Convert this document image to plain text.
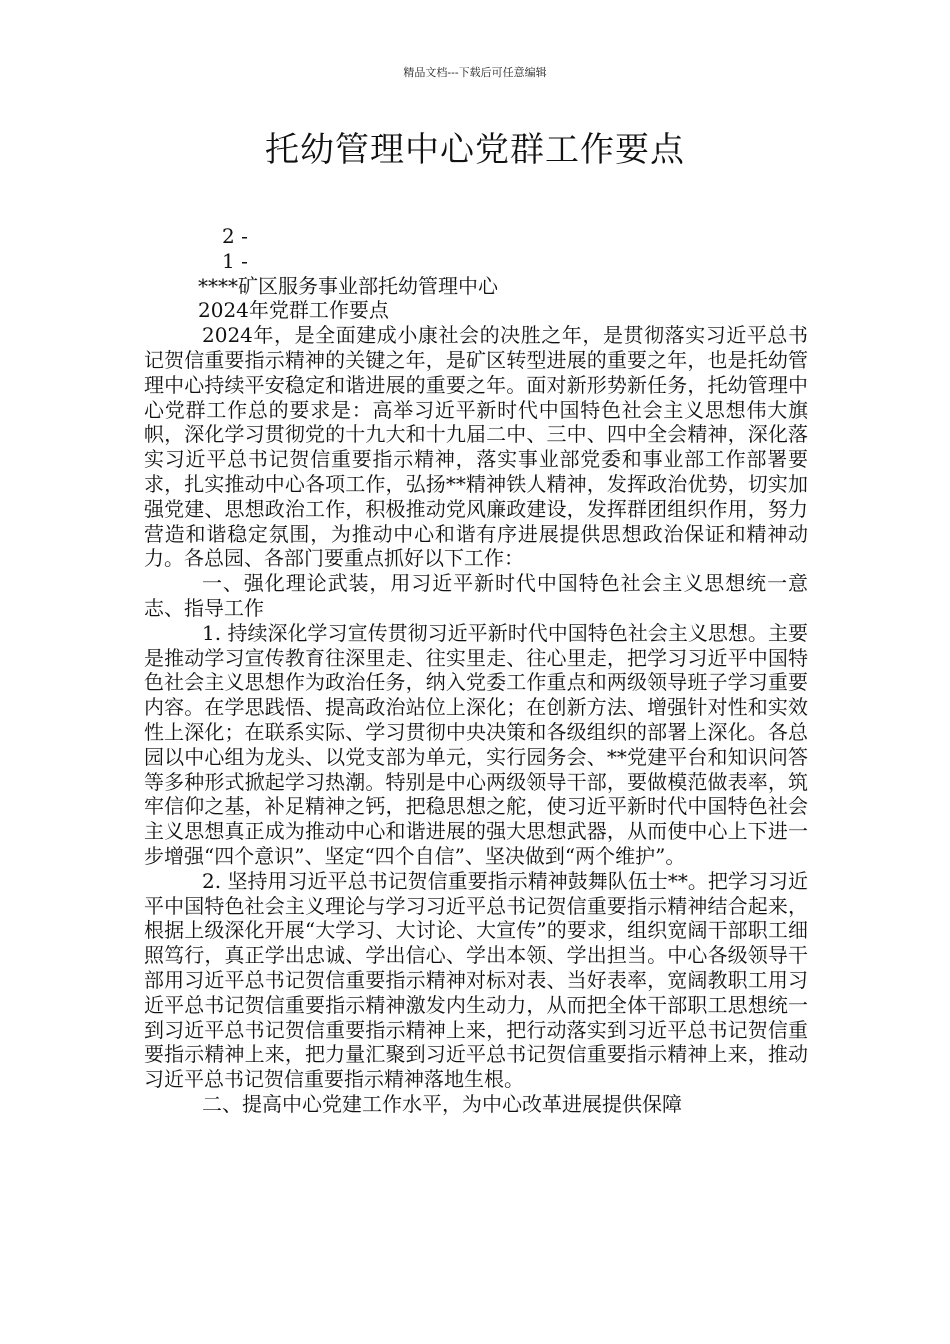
精品文档---下载后可任意编辑
托幼管理中心党群工作要点

2 -

1 -

****矿区服务事业部托幼管理中心

2024年党群工作要点

2024年，是全面建成小康社会的决胜之年，是贯彻落实习近平总书记贺信重要指示精神的关键之年，是矿区转型进展的重要之年，也是托幼管理中心持续平安稳定和谐进展的重要之年。面对新形势新任务，托幼管理中心党群工作总的要求是：高举习近平新时代中国特色社会主义思想伟大旗帜，深化学习贯彻党的十九大和十九届二中、三中、四中全会精神，深化落实习近平总书记贺信重要指示精神，落实事业部党委和事业部工作部署要求，扎实推动中心各项工作，弘扬**精神铁人精神，发挥政治优势，切实加强党建、思想政治工作，积极推动党风廉政建设，发挥群团组织作用，努力营造和谐稳定氛围，为推动中心和谐有序进展提供思想政治保证和精神动力。各总园、各部门要重点抓好以下工作：

一、强化理论武装，用习近平新时代中国特色社会主义思想统一意志、指导工作

1. 持续深化学习宣传贯彻习近平新时代中国特色社会主义思想。主要是推动学习宣传教育往深里走、往实里走、往心里走，把学习习近平中国特色社会主义思想作为政治任务，纳入党委工作重点和两级领导班子学习重要内容。在学思践悟、提高政治站位上深化；在创新方法、增强针对性和实效性上深化；在联系实际、学习贯彻中央决策和各级组织的部署上深化。各总园以中心组为龙头、以党支部为单元，实行园务会、**党建平台和知识问答等多种形式掀起学习热潮。特别是中心两级领导干部，要做模范做表率，筑牢信仰之基，补足精神之钙，把稳思想之舵，使习近平新时代中国特色社会主义思想真正成为推动中心和谐进展的强大思想武器，从而使中心上下进一步增强“四个意识”、坚定“四个自信”、坚决做到“两个维护”。

2. 坚持用习近平总书记贺信重要指示精神鼓舞队伍士**。把学习习近平中国特色社会主义理论与学习习近平总书记贺信重要指示精神结合起来，根据上级深化开展“大学习、大讨论、大宣传”的要求，组织宽阔干部职工细照笃行，真正学出忠诚、学出信心、学出本领、学出担当。中心各级领导干部用习近平总书记贺信重要指示精神对标对表、当好表率，宽阔教职工用习近平总书记贺信重要指示精神激发内生动力，从而把全体干部职工思想统一到习近平总书记贺信重要指示精神上来，把行动落实到习近平总书记贺信重要指示精神上来，把力量汇聚到习近平总书记贺信重要指示精神上来，推动习近平总书记贺信重要指示精神落地生根。

二、提高中心党建工作水平，为中心改革进展提供保障
